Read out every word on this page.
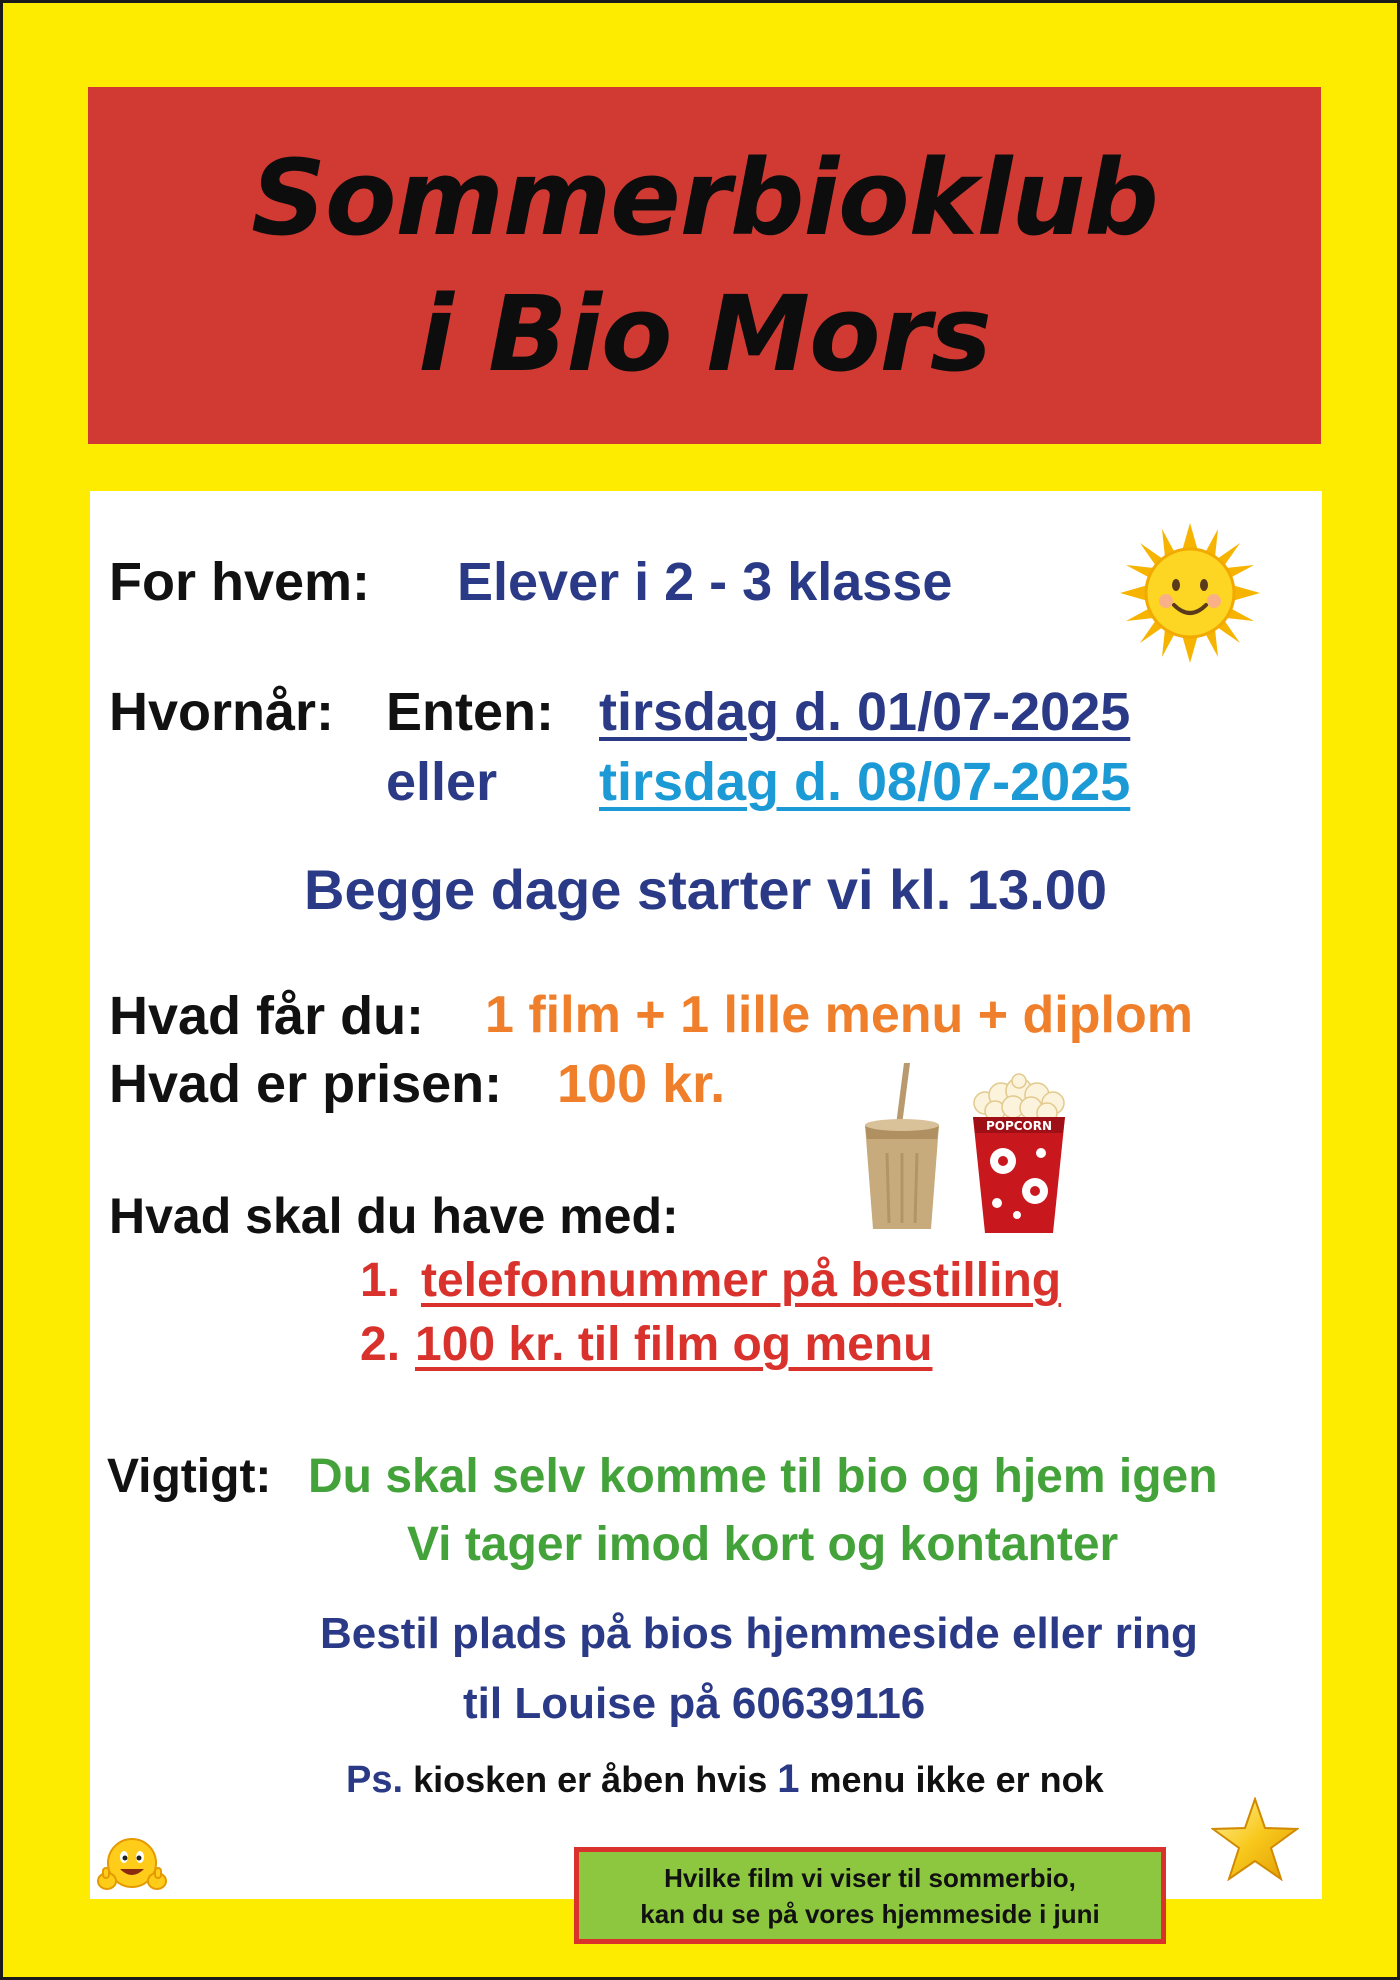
Sommerbioklub
i Bio Mors
For hvem: Elever i 2 - 3 klasse
Hvornår: Enten: tirsdag d. 01/07-2025
eller tirsdag d. 08/07-2025
Begge dage starter vi kl. 13.00
Hvad får du: 1 film + 1 lille menu + diplom
Hvad er prisen: 100 kr.
POPCORN
Hvad skal du have med:
1. telefonnummer på bestilling
2. 100 kr. til film og menu
Vigtigt: Du skal selv komme til bio og hjem igen
Vi tager imod kort og kontanter
Bestil plads på bios hjemmeside eller ring
til Louise på 60639116
Ps. kiosken er åben hvis 1 menu ikke er nok
Hvilke film vi viser til sommerbio,
kan du se på vores hjemmeside i juni
